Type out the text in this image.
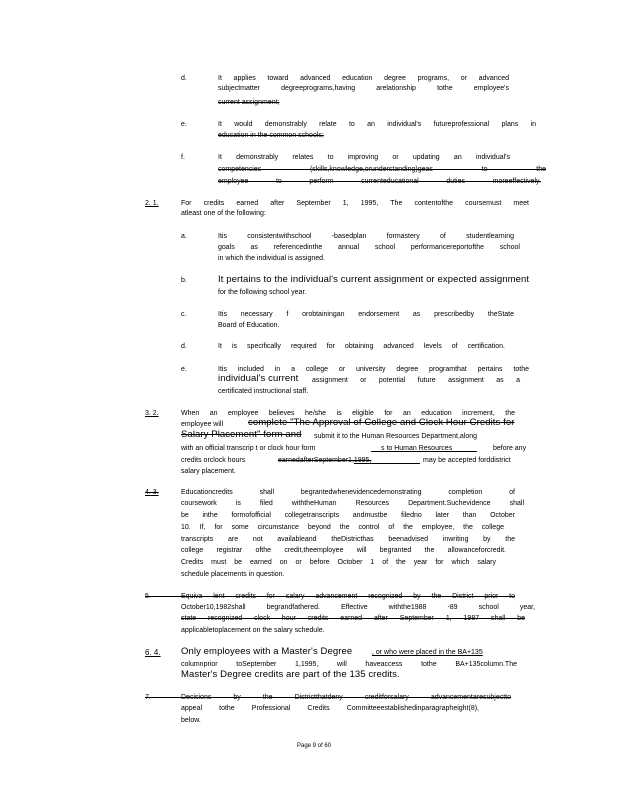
d.	It applies toward advanced education degree programs, or advanced
subjectmatter degreeprograms,having arelationship tothe employee's
current assignment;
e.	It would demonstrably relate to an individual's futureprofessional plans in
education in the common schools;
f.	It demonstrably relates to improving or updating an individual's
competencies (skills,knowledge,orunderstanding)geas to the
employee to perform currenteducational duties moreeffectively.
2. 1.	For credits earned after September 1, 1995, The contentofthe coursemust meet
atleast one of the following:
a.	Itis consistentwithschool -basedplan formastery of studentlearning
goals as referencedinthe annual school performancereportofthe school
in which the individual is assigned.
b.	It pertains to the individual's current assignment or expected assignment
for the following school year.
c.	Itis necessary f orobtainingan endorsement as prescribedby theState
Board of Education.
d.	It is specifically required for obtaining advanced levels of certification.
e.	Itis included in a college or university degree programthat pertains tothe
individual's current assignment or potential future assignment as a
certificated instructional staff.
3. 2.	When an employee believes he/she is eligible for an education increment, the
employee will	complete "The Approval of College and Clock Hour Credits for
Salary Placement" form and submit it to the Human Resources Department,along
with an official transcrip t or clock hour form	s to Human Resources	before any
credits orclock hours	earnedafterSeptember1,1995,	may be accepted forddistrict
salary placement.
4. 3.	Educationcredits shall begrantedwhenevidencedemonstrating completion of
coursework is filed withtheHuman Resources Department.Suchevidence shall
be inthe formofofficial collegetranscripts andmustbe filedno later than October
10. If, for some circumstance beyond the control of the employee, the college
transcripts are not availableand theDistricthas beenadvised inwriting by the
college registrar ofthe credit,theemployee will begranted the allowanceforcredit.
Credits must be earned on or before October 1 of the year for which salary
schedule placements in question.
5.	Equiva lent credits for salary advancement recognized by the District prior to
October10,1982shall begrandfathered. Effective withthe1988 -89 school year,
state recognized clock hour credits earned after September 1, 1987 shall be
applicabletoplacement on the salary schedule.
6. 4. Only employees with a Master's Degree	, or who were placed in the BA+135
columnprior toSeptember 1,1995, will haveaccess tothe BA+135column.The
Master's Degree credits are part of the 135 credits.
7.	Decisions by the Districtthatdeny creditforsalary advancementaresubjectto
appeal tothe Professional Credits Committeeestablishedinparagrapheight(8),
below.
Page 9 of 60
